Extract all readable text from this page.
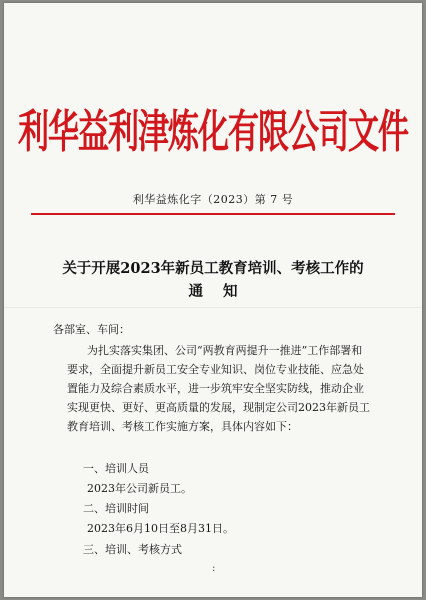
利华益利津炼化有限公司文件
利华益炼化字（2023）第 7 号
关于开展2023年新员工教育培训、考核工作的
通知
各部室、车间：
为扎实落实集团、公司“两教育两提升一推进”工作部署和
要求，全面提升新员工安全专业知识、岗位专业技能、应急处
置能力及综合素质水平，进一步筑牢安全坚实防线，推动企业
实现更快、更好、更高质量的发展，现制定公司2023年新员工
教育培训、考核工作实施方案，具体内容如下：
一、培训人员
2023年公司新员工。
二、培训时间
2023年6月10日至8月31日。
三、培训、考核方式
:
